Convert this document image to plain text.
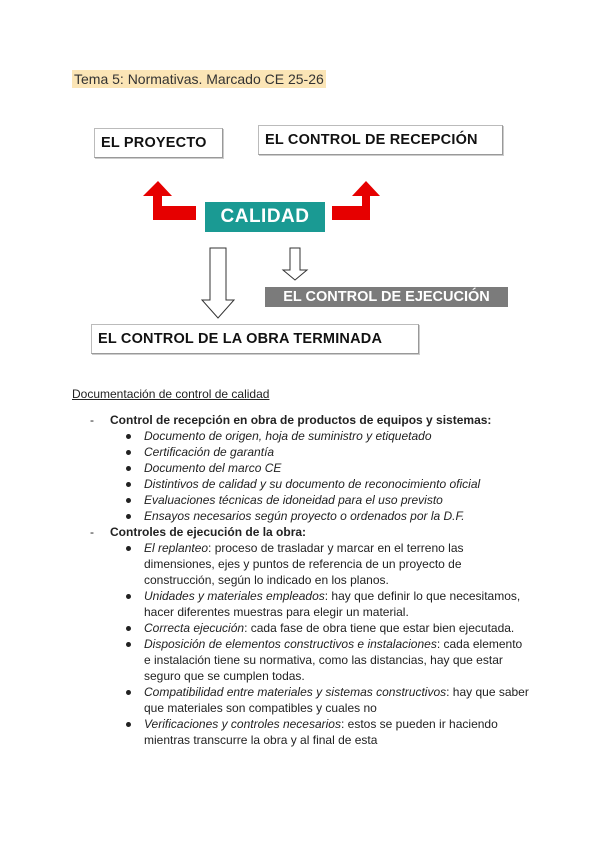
Tema 5: Normativas. Marcado CE 25-26
EL PROYECTO	EL CONTROL DE RECEPCIÓN
CALIDAD
EL CONTROL DE EJECUCIÓN
EL CONTROL DE LA OBRA TERMINADA
Documentación de control de calidad
- Control de recepción en obra de productos de equipos y sistemas:
Documento de origen, hoja de suministro y etiquetado
Certificación de garantía
Documento del marco CE
Distintivos de calidad y su documento de reconocimiento oficial
Evaluaciones técnicas de idoneidad para el uso previsto
Ensayos necesarios según proyecto o ordenados por la D.F.
- Controles de ejecución de la obra:
El replanteo: proceso de trasladar y marcar en el terreno las dimensiones, ejes y puntos de referencia de un proyecto de construcción, según lo indicado en los planos.
Unidades y materiales empleados: hay que definir lo que necesitamos, hacer diferentes muestras para elegir un material.
Correcta ejecución: cada fase de obra tiene que estar bien ejecutada.
Disposición de elementos constructivos e instalaciones: cada elemento e instalación tiene su normativa, como las distancias, hay que estar seguro que se cumplen todas.
Compatibilidad entre materiales y sistemas constructivos: hay que saber que materiales son compatibles y cuales no
Verificaciones y controles necesarios: estos se pueden ir haciendo mientras transcurre la obra y al final de esta
